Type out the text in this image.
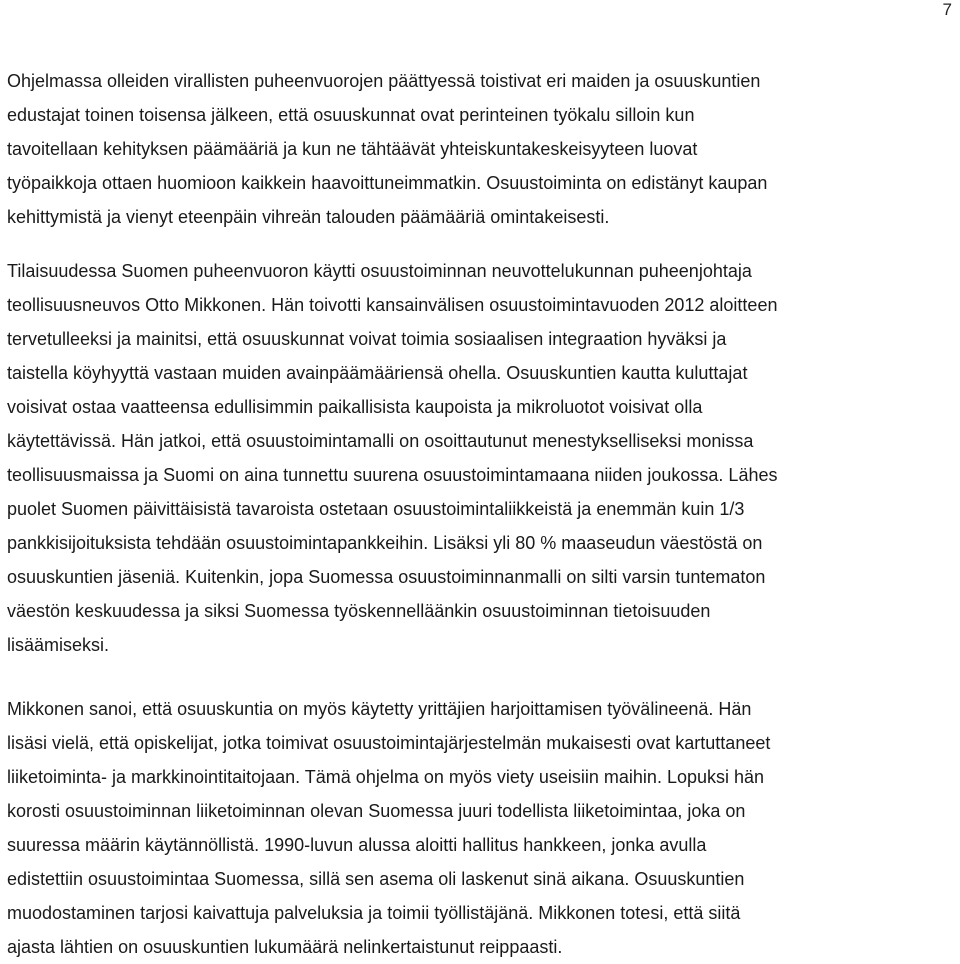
7

Ohjelmassa olleiden virallisten puheenvuorojen päättyessä toistivat eri maiden ja osuuskuntien
edustajat toinen toisensa jälkeen, että osuuskunnat ovat perinteinen työkalu silloin kun
tavoitellaan kehityksen päämääriä ja kun ne tähtäävät yhteiskuntakeskeisyyteen luovat
työpaikkoja ottaen huomioon kaikkein haavoittuneimmatkin. Osuustoiminta on edistänyt kaupan
kehittymistä ja vienyt eteenpäin vihreän talouden päämääriä omintakeisesti.

Tilaisuudessa Suomen puheenvuoron käytti osuustoiminnan neuvottelukunnan puheenjohtaja
teollisuusneuvos Otto Mikkonen. Hän toivotti kansainvälisen osuustoimintavuoden 2012 aloitteen
tervetulleeksi ja mainitsi, että osuuskunnat voivat toimia sosiaalisen integraation hyväksi ja
taistella köyhyyttä vastaan muiden avainpäämääriensä ohella. Osuuskuntien kautta kuluttajat
voisivat ostaa vaatteensa edullisimmin paikallisista kaupoista ja mikroluotot voisivat olla
käytettävissä. Hän jatkoi, että osuustoimintamalli on osoittautunut menestykselliseksi monissa
teollisuusmaissa ja Suomi on aina tunnettu suurena osuustoimintamaana niiden joukossa. Lähes
puolet Suomen päivittäisistä tavaroista ostetaan osuustoimintaliikkeistä ja enemmän kuin 1/3
pankkisijoituksista tehdään osuustoimintapankkeihin. Lisäksi yli 80 % maaseudun väestöstä on
osuuskuntien jäseniä. Kuitenkin, jopa Suomessa osuustoiminnanmalli on silti varsin tuntematon
väestön keskuudessa ja siksi Suomessa työskennelläänkin osuustoiminnan tietoisuuden
lisäämiseksi.

Mikkonen sanoi, että osuuskuntia on myös käytetty yrittäjien harjoittamisen työvälineenä. Hän
lisäsi vielä, että opiskelijat, jotka toimivat osuustoimintajärjestelmän mukaisesti ovat kartuttaneet
liiketoiminta- ja markkinointitaitojaan. Tämä ohjelma on myös viety useisiin maihin. Lopuksi hän
korosti osuustoiminnan liiketoiminnan olevan Suomessa juuri todellista liiketoimintaa, joka on
suuressa määrin käytännöllistä. 1990-luvun alussa aloitti hallitus hankkeen, jonka avulla
edistettiin osuustoimintaa Suomessa, sillä sen asema oli laskenut sinä aikana. Osuuskuntien
muodostaminen tarjosi kaivattuja palveluksia ja toimii työllistäjänä. Mikkonen totesi, että siitä
ajasta lähtien on osuuskuntien lukumäärä nelinkertaistunut reippaasti.
